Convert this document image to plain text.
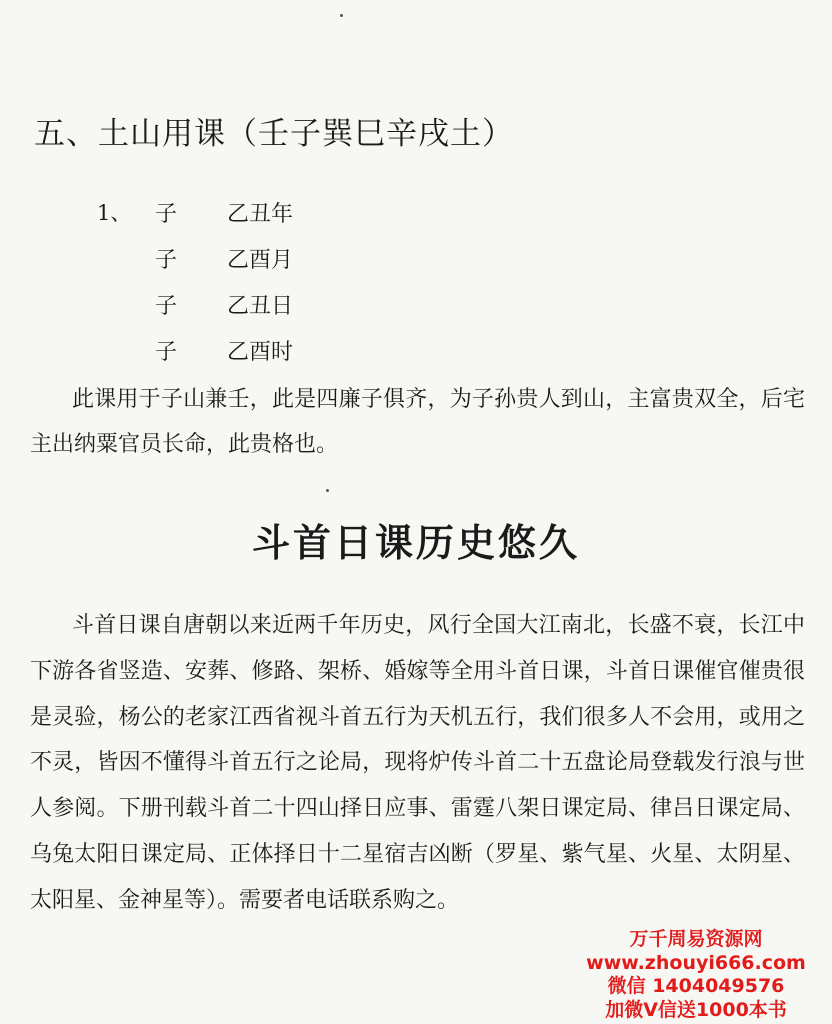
五、土山用课（壬子巽巳辛戌土）
1、 子 乙丑年
子 乙酉月
子 乙丑日
子 乙酉时

此课用于子山兼壬，此是四廉子俱齐，为子孙贵人到山，主富贵双全，后宅主出纳粟官员长命，此贵格也。

斗首日课历史悠久

斗首日课自唐朝以来近两千年历史，风行全国大江南北，长盛不衰，长江中下游各省竖造、安葬、修路、架桥、婚嫁等全用斗首日课，斗首日课催官催贵很是灵验，杨公的老家江西省视斗首五行为天机五行，我们很多人不会用，或用之不灵，皆因不懂得斗首五行之论局，现将炉传斗首二十五盘论局登载发行浪与世人参阅。下册刊载斗首二十四山择日应事、雷霆八架日课定局、律吕日课定局、乌兔太阳日课定局、正体择日十二星宿吉凶断（罗星、紫气星、火星、太阴星、太阳星、金神星等）。需要者电话联系购之。

万千周易资源网
www.zhouyi666.com
微信 1404049576
加微V信送1000本书
